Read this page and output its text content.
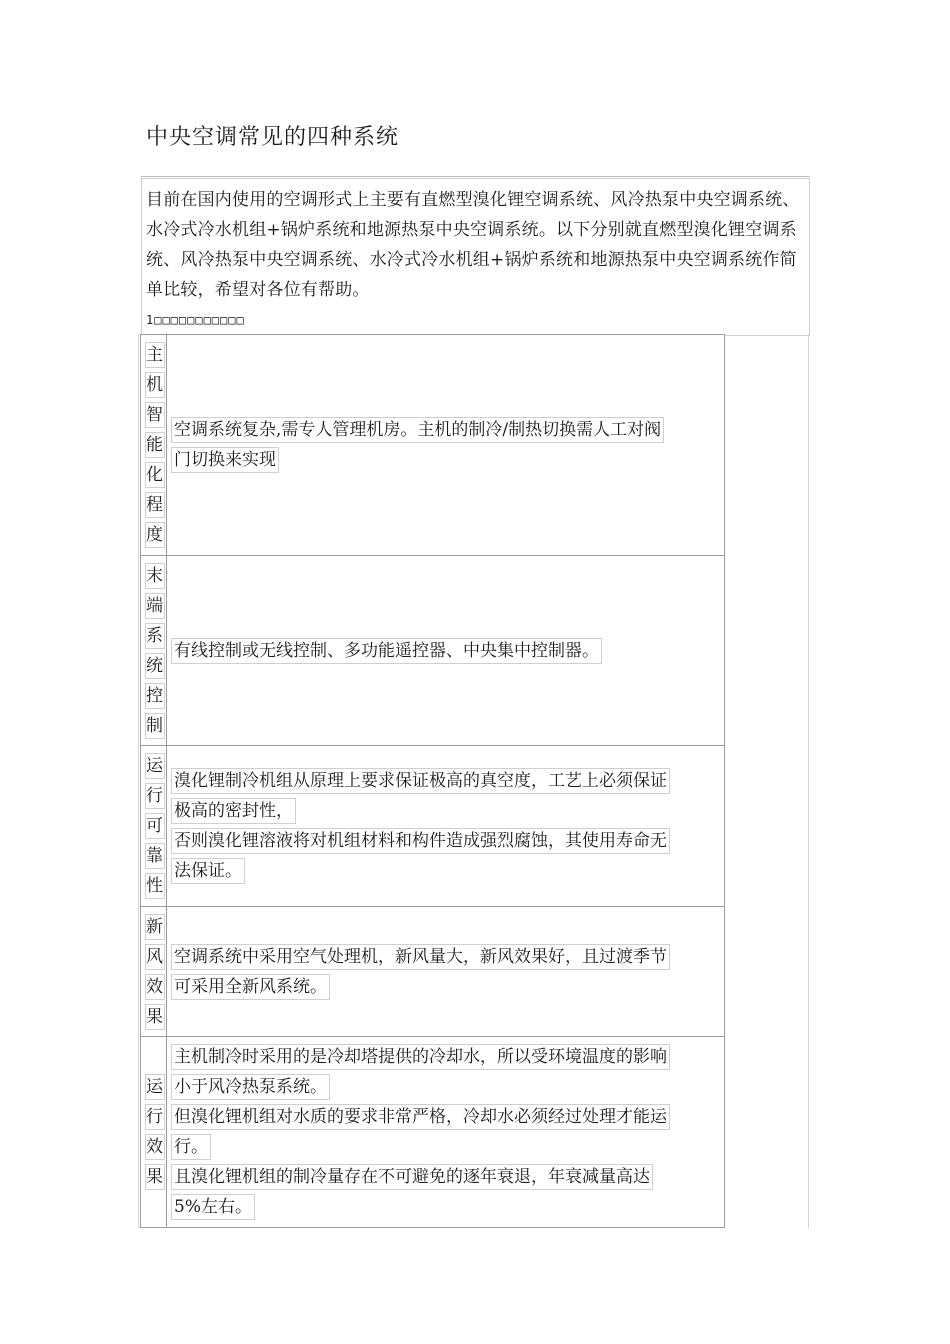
中央空调常见的四种系统
目前在国内使用的空调形式上主要有直燃型溴化锂空调系统、风冷热泵中央空调系统、水冷式冷水机组+锅炉系统和地源热泵中央空调系统。以下分别就直燃型溴化锂空调系统、风冷热泵中央空调系统、水冷式冷水机组+锅炉系统和地源热泵中央空调系统作简单比较，希望对各位有帮助。
1□□□□□□□□□□□
主
机
智
能
化
程
度
空调系统复杂,需专人管理机房。主机的制冷/制热切换需人工对阀
门切换来实现
末
端
系
统
控
制
有线控制或无线控制、多功能遥控器、中央集中控制器。
运
行
可
靠
性
溴化锂制冷机组从原理上要求保证极高的真空度，工艺上必须保证
极高的密封性，
否则溴化锂溶液将对机组材料和构件造成强烈腐蚀，其使用寿命无
法保证。
新
风
效
果
空调系统中采用空气处理机，新风量大，新风效果好，且过渡季节
可采用全新风系统。
运
行
效
果
主机制冷时采用的是冷却塔提供的冷却水，所以受环境温度的影响
小于风冷热泵系统。
但溴化锂机组对水质的要求非常严格，冷却水必须经过处理才能运
行。
且溴化锂机组的制冷量存在不可避免的逐年衰退，年衰减量高达
5%左右。
